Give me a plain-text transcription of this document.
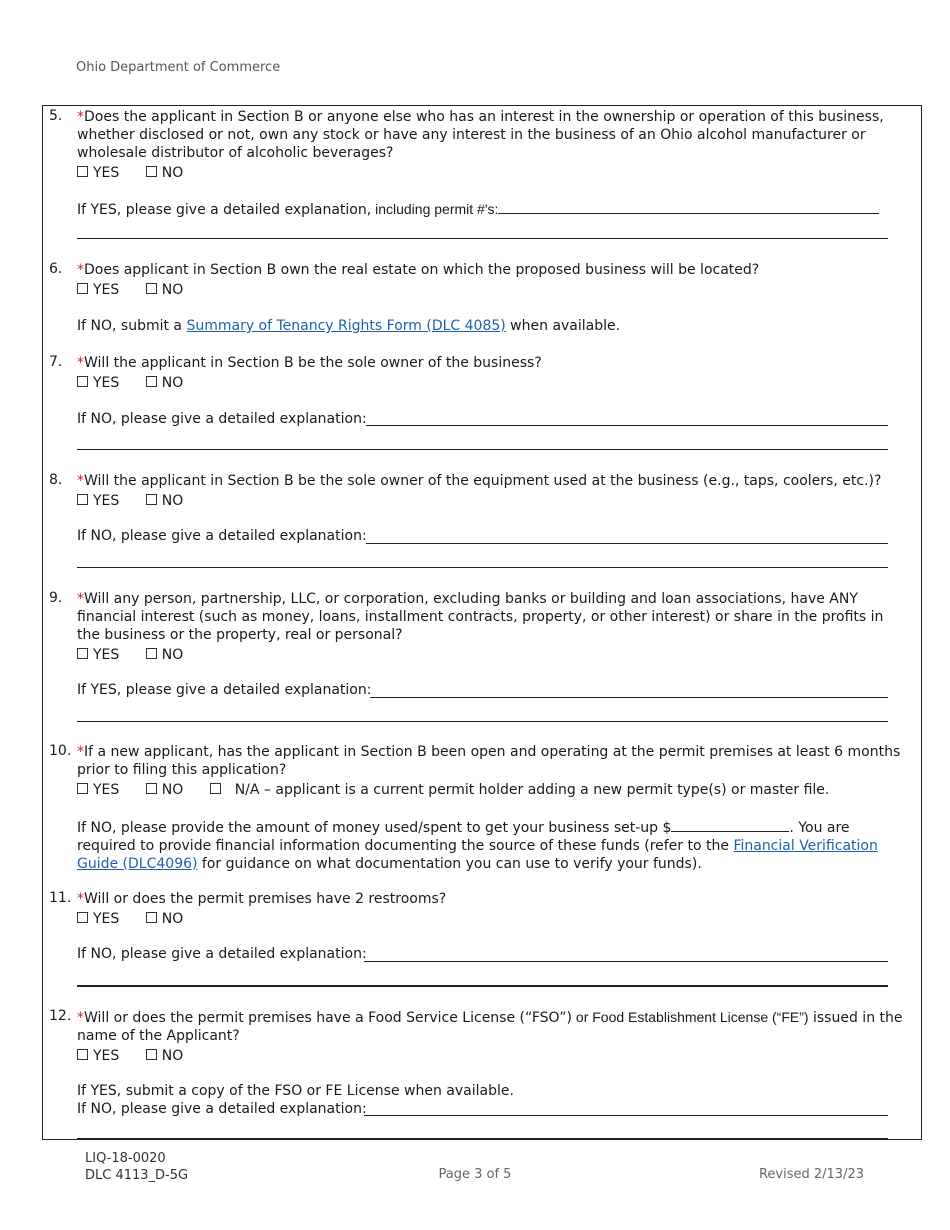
Ohio Department of Commerce
5. *Does the applicant in Section B or anyone else who has an interest in the ownership or operation of this business, whether disclosed or not, own any stock or have any interest in the business of an Ohio alcohol manufacturer or wholesale distributor of alcoholic beverages?
YES	NO
If YES, please give a detailed explanation, including permit #'s:
6. *Does applicant in Section B own the real estate on which the proposed business will be located?
YES	NO
If NO, submit a Summary of Tenancy Rights Form (DLC 4085) when available.
7. *Will the applicant in Section B be the sole owner of the business?
YES	NO
If NO, please give a detailed explanation:
8. *Will the applicant in Section B be the sole owner of the equipment used at the business (e.g., taps, coolers, etc.)?
YES	NO
If NO, please give a detailed explanation:
9. *Will any person, partnership, LLC, or corporation, excluding banks or building and loan associations, have ANY financial interest (such as money, loans, installment contracts, property, or other interest) or share in the profits in the business or the property, real or personal?
YES	NO
If YES, please give a detailed explanation:
10. *If a new applicant, has the applicant in Section B been open and operating at the permit premises at least 6 months prior to filing this application?
YES	NO	N/A – applicant is a current permit holder adding a new permit type(s) or master file.
If NO, please provide the amount of money used/spent to get your business set-up $	. You are required to provide financial information documenting the source of these funds (refer to the Financial Verification Guide (DLC4096) for guidance on what documentation you can use to verify your funds).
11. *Will or does the permit premises have 2 restrooms?
YES	NO
If NO, please give a detailed explanation:
12. *Will or does the permit premises have a Food Service License (“FSO”) or Food Establishment License (“FE”) issued in the name of the Applicant?
YES	NO
If YES, submit a copy of the FSO or FE License when available.
If NO, please give a detailed explanation:
LIQ-18-0020
DLC 4113_D-5G	Page 3 of 5	Revised 2/13/23
